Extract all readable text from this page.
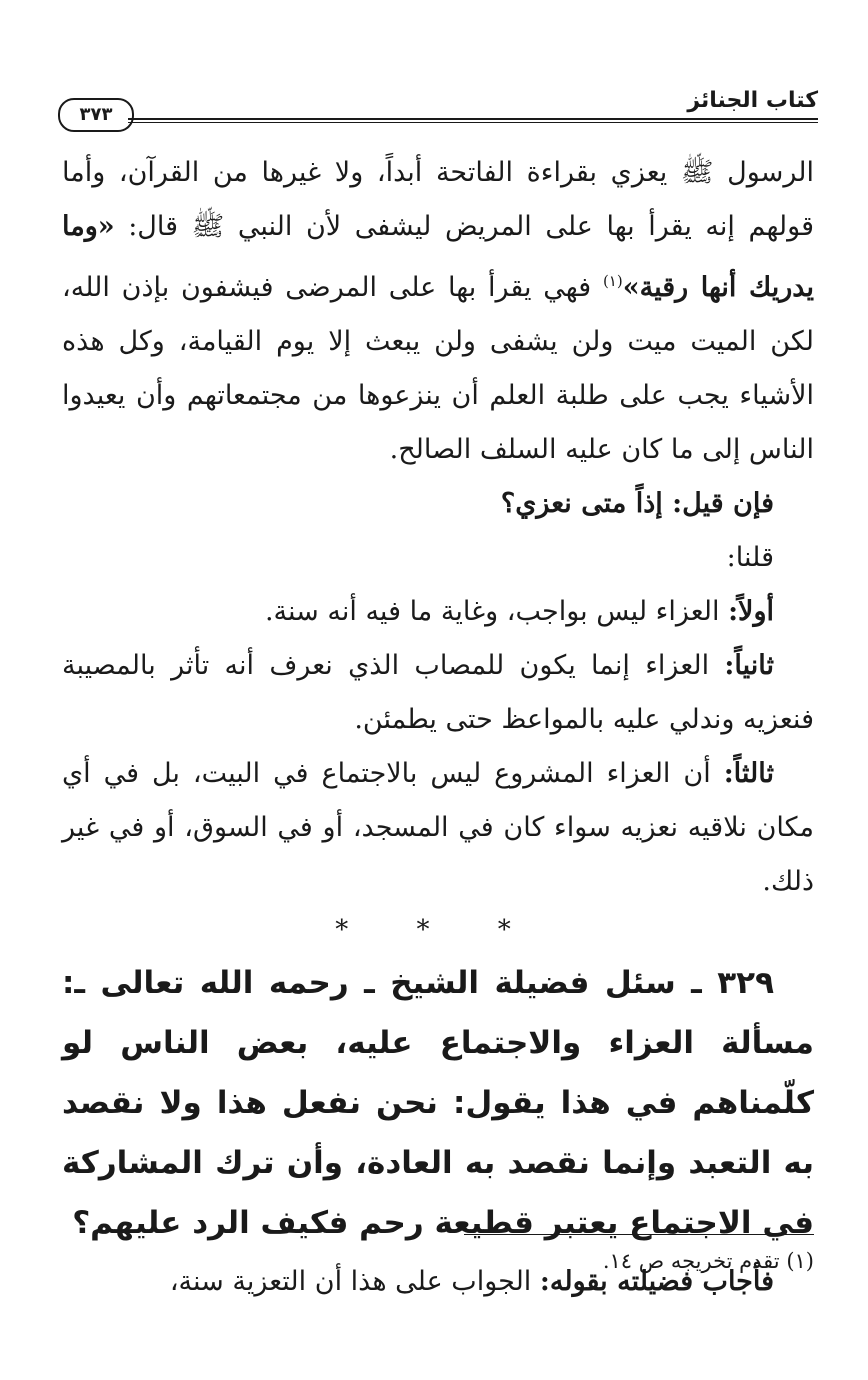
كتاب الجنائز
٣٧٣

الرسول ﷺ يعزي بقراءة الفاتحة أبداً، ولا غيرها من القرآن، وأما قولهم إنه يقرأ بها على المريض ليشفى لأن النبي ﷺ قال: «وما يدريك أنها رقية»$^{(١)}$ فهي يقرأ بها على المرضى فيشفون بإذن الله، لكن الميت ميت ولن يشفى ولن يبعث إلا يوم القيامة، وكل هذه الأشياء يجب على طلبة العلم أن ينزعوها من مجتمعاتهم وأن يعيدوا الناس إلى ما كان عليه السلف الصالح.

فإن قيل: إذاً متى نعزي؟

قلنا:

أولاً: العزاء ليس بواجب، وغاية ما فيه أنه سنة.

ثانياً: العزاء إنما يكون للمصاب الذي نعرف أنه تأثر بالمصيبة فنعزيه وندلي عليه بالمواعظ حتى يطمئن.

ثالثاً: أن العزاء المشروع ليس بالاجتماع في البيت، بل في أي مكان نلاقيه نعزيه سواء كان في المسجد، أو في السوق، أو في غير ذلك.

* * *

٣٢٩ ـ سئل فضيلة الشيخ ـ رحمه الله تعالى ـ: مسألة العزاء والاجتماع عليه، بعض الناس لو كلّمناهم في هذا يقول: نحن نفعل هذا ولا نقصد به التعبد وإنما نقصد به العادة، وأن ترك المشاركة في الاجتماع يعتبر قطيعة رحم فكيف الرد عليهم؟

فأجاب فضيلته بقوله: الجواب على هذا أن التعزية سنة،

(١) تقدم تخريجه ص ١٤.
